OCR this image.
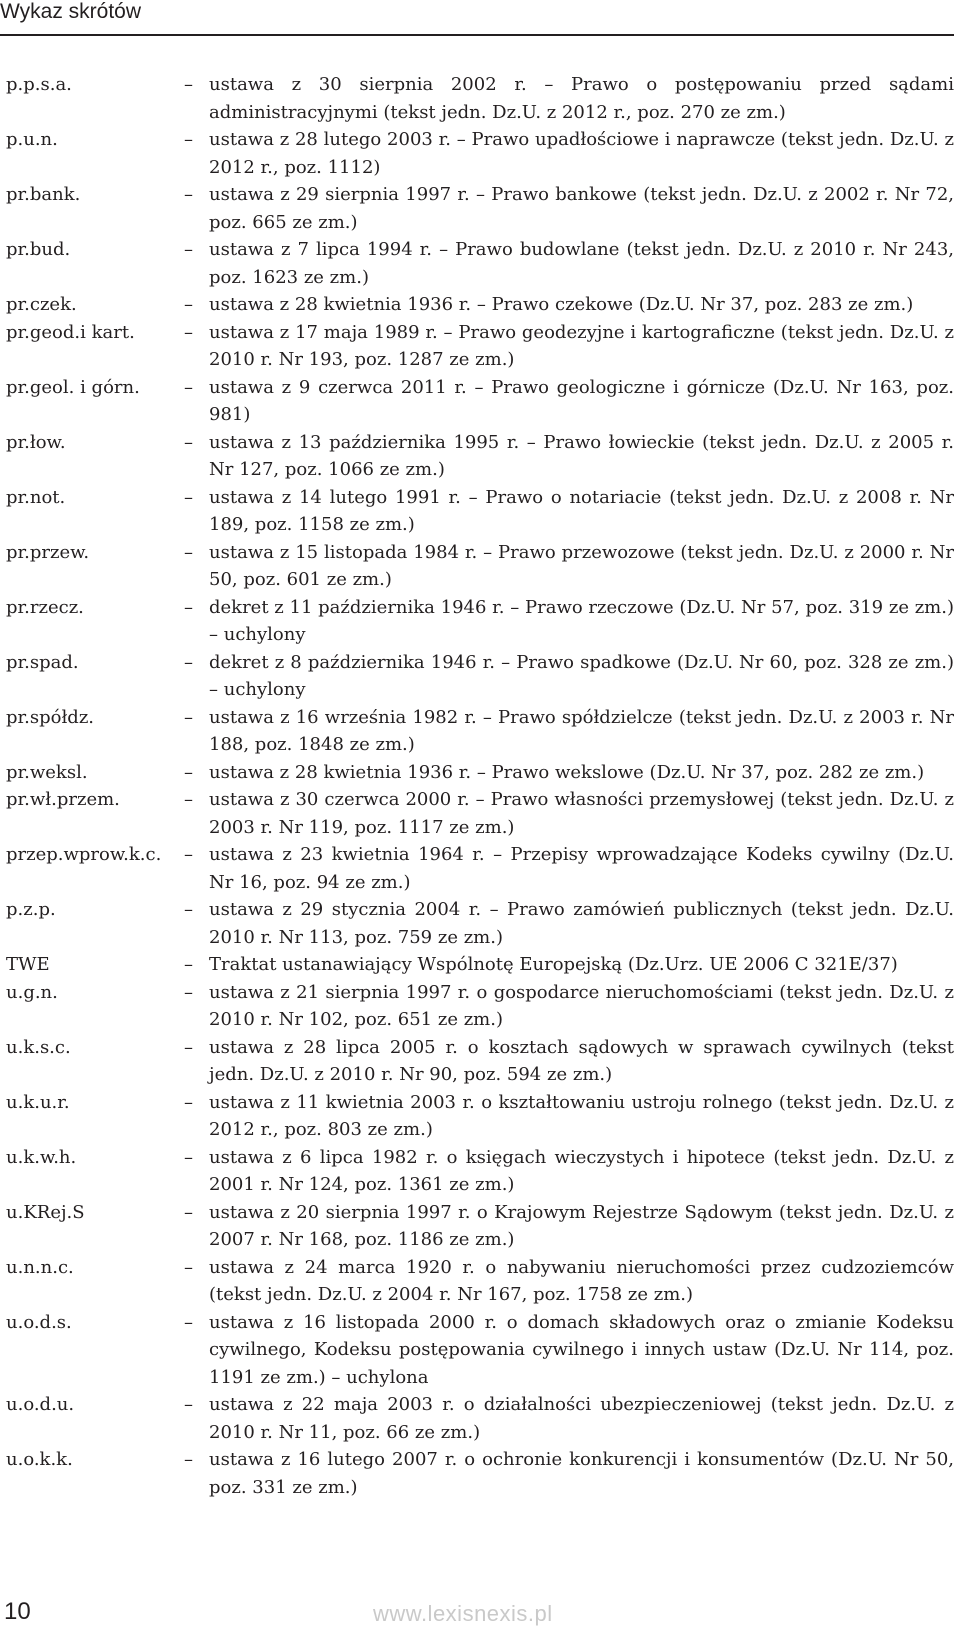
Wykaz skrótów
p.p.s.a.	– ustawa z 30 sierpnia 2002 r. – Prawo o postępowaniu przed sądami administracyjnymi (tekst jedn. Dz.U. z 2012 r., poz. 270 ze zm.)
p.u.n.	– ustawa z 28 lutego 2003 r. – Prawo upadłościowe i naprawcze (tekst jedn. Dz.U. z 2012 r., poz. 1112)
pr.bank.	– ustawa z 29 sierpnia 1997 r. – Prawo bankowe (tekst jedn. Dz.U. z 2002 r. Nr 72, poz. 665 ze zm.)
pr.bud.	– ustawa z 7 lipca 1994 r. – Prawo budowlane (tekst jedn. Dz.U. z 2010 r. Nr 243, poz. 1623 ze zm.)
pr.czek.	– ustawa z 28 kwietnia 1936 r. – Prawo czekowe (Dz.U. Nr 37, poz. 283 ze zm.)
pr.geod.i kart.	– ustawa z 17 maja 1989 r. – Prawo geodezyjne i kartograficzne (tekst jedn. Dz.U. z 2010 r. Nr 193, poz. 1287 ze zm.)
pr.geol. i górn.	– ustawa z 9 czerwca 2011 r. – Prawo geologiczne i górnicze (Dz.U. Nr 163, poz. 981)
pr.łow.	– ustawa z 13 października 1995 r. – Prawo łowieckie (tekst jedn. Dz.U. z 2005 r. Nr 127, poz. 1066 ze zm.)
pr.not.	– ustawa z 14 lutego 1991 r. – Prawo o notariacie (tekst jedn. Dz.U. z 2008 r. Nr 189, poz. 1158 ze zm.)
pr.przew.	– ustawa z 15 listopada 1984 r. – Prawo przewozowe (tekst jedn. Dz.U. z 2000 r. Nr 50, poz. 601 ze zm.)
pr.rzecz.	– dekret z 11 października 1946 r. – Prawo rzeczowe (Dz.U. Nr 57, poz. 319 ze zm.) – uchylony
pr.spad.	– dekret z 8 października 1946 r. – Prawo spadkowe (Dz.U. Nr 60, poz. 328 ze zm.) – uchylony
pr.spółdz.	– ustawa z 16 września 1982 r. – Prawo spółdzielcze (tekst jedn. Dz.U. z 2003 r. Nr 188, poz. 1848 ze zm.)
pr.weksl.	– ustawa z 28 kwietnia 1936 r. – Prawo wekslowe (Dz.U. Nr 37, poz. 282 ze zm.)
pr.wł.przem.	– ustawa z 30 czerwca 2000 r. – Prawo własności przemysłowej (tekst jedn. Dz.U. z 2003 r. Nr 119, poz. 1117 ze zm.)
przep.wprow.k.c.	– ustawa z 23 kwietnia 1964 r. – Przepisy wprowadzające Kodeks cywilny (Dz.U. Nr 16, poz. 94 ze zm.)
p.z.p.	– ustawa z 29 stycznia 2004 r. – Prawo zamówień publicznych (tekst jedn. Dz.U. 2010 r. Nr 113, poz. 759 ze zm.)
TWE	– Traktat ustanawiający Wspólnotę Europejską (Dz.Urz. UE 2006 C 321E/37)
u.g.n.	– ustawa z 21 sierpnia 1997 r. o gospodarce nieruchomościami (tekst jedn. Dz.U. z 2010 r. Nr 102, poz. 651 ze zm.)
u.k.s.c.	– ustawa z 28 lipca 2005 r. o kosztach sądowych w sprawach cywilnych (tekst jedn. Dz.U. z 2010 r. Nr 90, poz. 594 ze zm.)
u.k.u.r.	– ustawa z 11 kwietnia 2003 r. o kształtowaniu ustroju rolnego (tekst jedn. Dz.U. z 2012 r., poz. 803 ze zm.)
u.k.w.h.	– ustawa z 6 lipca 1982 r. o księgach wieczystych i hipotece (tekst jedn. Dz.U. z 2001 r. Nr 124, poz. 1361 ze zm.)
u.KRej.S	– ustawa z 20 sierpnia 1997 r. o Krajowym Rejestrze Sądowym (tekst jedn. Dz.U. z 2007 r. Nr 168, poz. 1186 ze zm.)
u.n.n.c.	– ustawa z 24 marca 1920 r. o nabywaniu nieruchomości przez cudzoziemców (tekst jedn. Dz.U. z 2004 r. Nr 167, poz. 1758 ze zm.)
u.o.d.s.	– ustawa z 16 listopada 2000 r. o domach składowych oraz o zmianie Kodeksu cywilnego, Kodeksu postępowania cywilnego i innych ustaw (Dz.U. Nr 114, poz. 1191 ze zm.) – uchylona
u.o.d.u.	– ustawa z 22 maja 2003 r. o działalności ubezpieczeniowej (tekst jedn. Dz.U. z 2010 r. Nr 11, poz. 66 ze zm.)
u.o.k.k.	– ustawa z 16 lutego 2007 r. o ochronie konkurencji i konsumentów (Dz.U. Nr 50, poz. 331 ze zm.)
10	www.lexisnexis.pl
